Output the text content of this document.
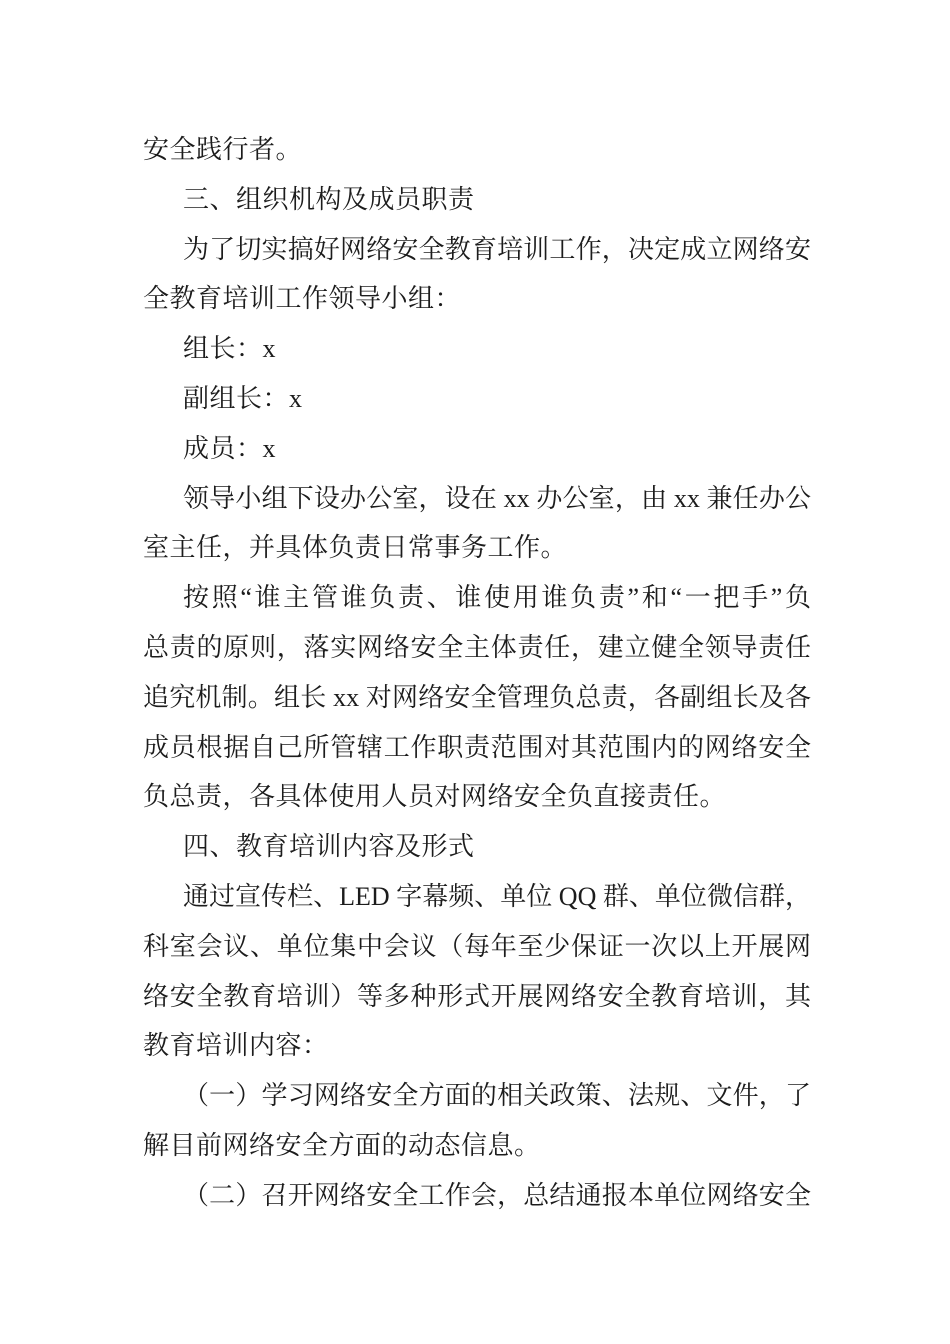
安全践行者。
三、组织机构及成员职责
为了切实搞好网络安全教育培训工作，决定成立网络安
全教育培训工作领导小组：
组长：x
副组长：x
成员：x
领导小组下设办公室，设在 xx 办公室，由 xx 兼任办公
室主任，并具体负责日常事务工作。
按照“谁主管谁负责、谁使用谁负责”和“一把手”负
总责的原则，落实网络安全主体责任，建立健全领导责任
追究机制。组长 xx 对网络安全管理负总责，各副组长及各
成员根据自己所管辖工作职责范围对其范围内的网络安全
负总责，各具体使用人员对网络安全负直接责任。
四、教育培训内容及形式
通过宣传栏、LED 字幕频、单位 QQ 群、单位微信群，
科室会议、单位集中会议（每年至少保证一次以上开展网
络安全教育培训）等多种形式开展网络安全教育培训，其
教育培训内容：
（一）学习网络安全方面的相关政策、法规、文件，了
解目前网络安全方面的动态信息。
（二）召开网络安全工作会，总结通报本单位网络安全
